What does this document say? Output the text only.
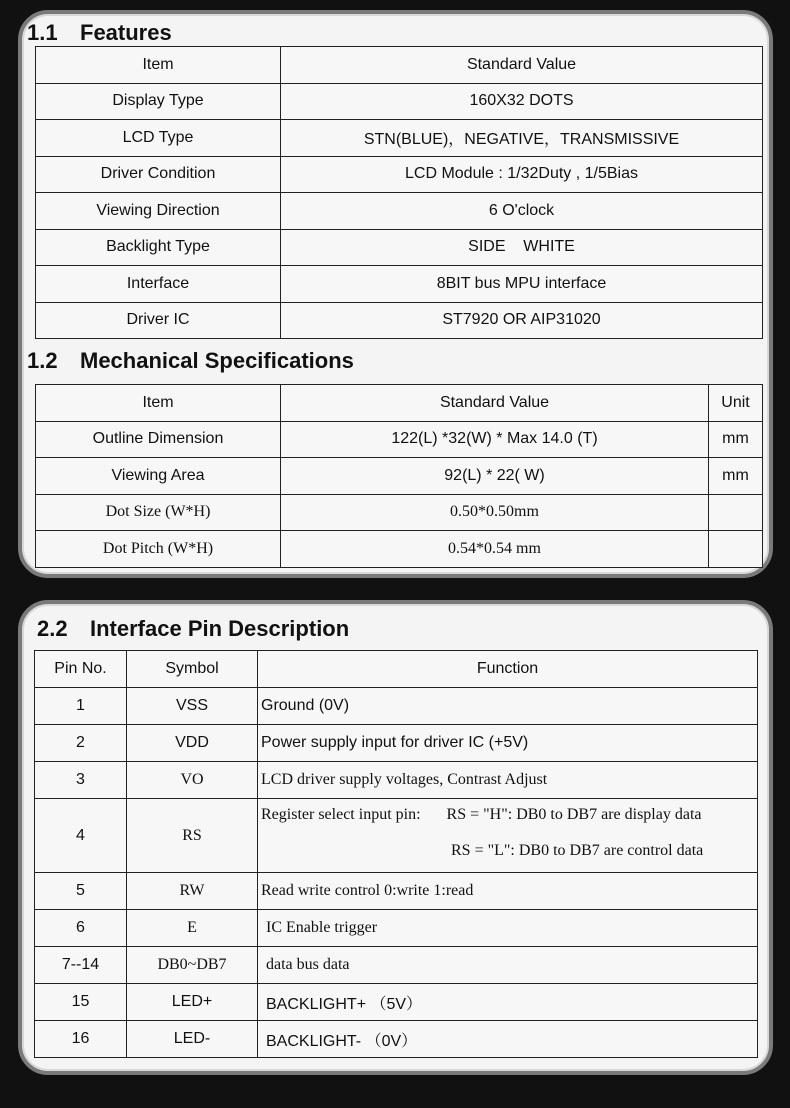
1.1 Features
Item	Standard Value
Display Type	160X32 DOTS
LCD Type	STN(BLUE)，NEGATIVE，TRANSMISSIVE
Driver Condition	LCD Module : 1/32Duty , 1/5Bias
Viewing Direction	6 O'clock
Backlight Type	SIDE    WHITE
Interface	8BIT bus MPU interface
Driver IC	ST7920 OR AIP31020
1.2 Mechanical Specifications
Item	Standard Value	Unit
Outline Dimension	122(L) *32(W) * Max 14.0 (T)	mm
Viewing Area	92(L) * 22( W)	mm
Dot Size (W*H)	0.50*0.50mm	
Dot Pitch (W*H)	0.54*0.54 mm	
2.2 Interface Pin Description
Pin No.	Symbol	Function
1	VSS	Ground (0V)
2	VDD	Power supply input for driver IC (+5V)
3	VO	LCD driver supply voltages, Contrast Adjust
4	RS	Register select input pin: RS = "H": DB0 to DB7 are display data
RS = "L": DB0 to DB7 are control data

5	RW	Read write control 0:write 1:read
6	E	IC Enable trigger
7--14	DB0~DB7	data bus data
15	LED+	BACKLIGHT+ （5V）
16	LED-	BACKLIGHT- （0V）
